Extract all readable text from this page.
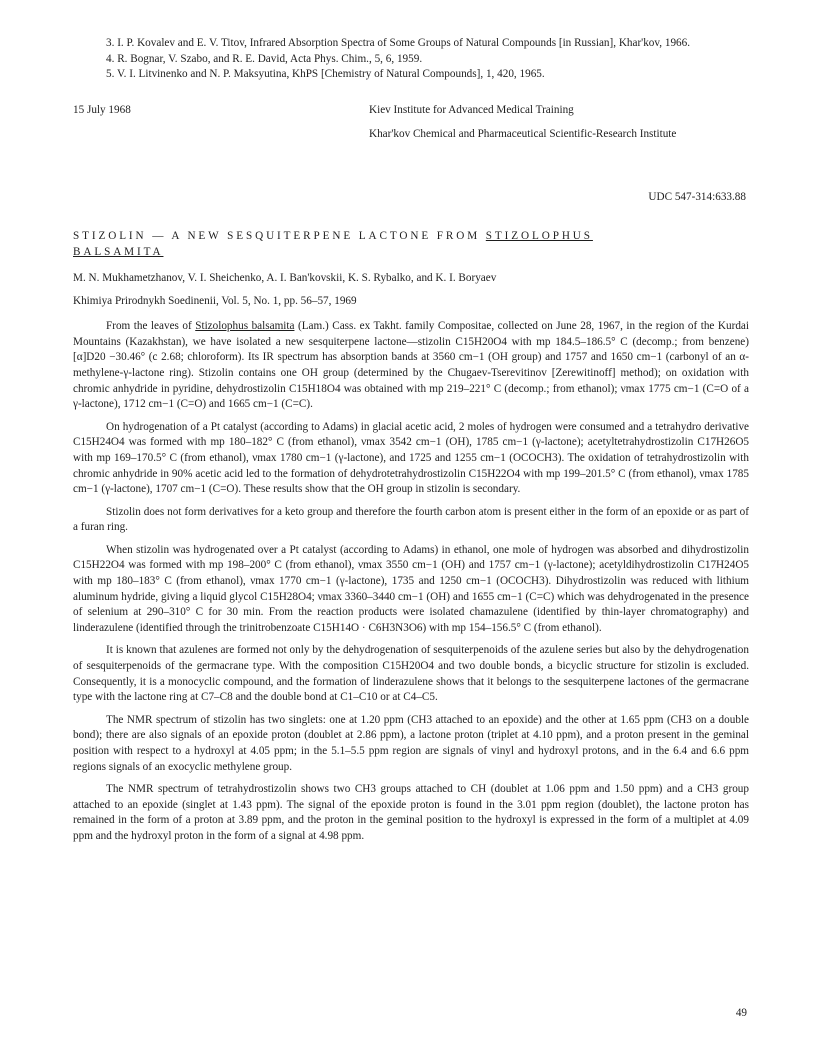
3. I. P. Kovalev and E. V. Titov, Infrared Absorption Spectra of Some Groups of Natural Compounds [in Russian], Khar'kov, 1966.

4. R. Bognar, V. Szabo, and R. E. David, Acta Phys. Chim., 5, 6, 1959.

5. V. I. Litvinenko and N. P. Maksyutina, KhPS [Chemistry of Natural Compounds], 1, 420, 1965.

15 July 1968	Kiev Institute for Advanced Medical Training
Khar'kov Chemical and Pharmaceutical Scientific-Research Institute
UDC 547-314:633.88
STIZOLIN — A NEW SESQUITERPENE LACTONE FROM STIZOLOPHUS
BALSAMITA
M. N. Mukhametzhanov, V. I. Sheichenko, A. I. Ban'kovskii, K. S. Rybalko, and K. I. Boryaev
Khimiya Prirodnykh Soedinenii, Vol. 5, No. 1, pp. 56–57, 1969

From the leaves of Stizolophus balsamita (Lam.) Cass. ex Takht. family Compositae, collected on June 28, 1967, in the region of the Kurdai Mountains (Kazakhstan), we have isolated a new sesquiterpene lactone—stizolin C15H20O4 with mp 184.5–186.5° C (decomp.; from benzene) [α]D20 −30.46° (c 2.68; chloroform). Its IR spectrum has absorption bands at 3560 cm−1 (OH group) and 1757 and 1650 cm−1 (carbonyl of an α-methylene-γ-lactone ring). Stizolin contains one OH group (determined by the Chugaev-Tserevitinov [Zerewitinoff] method); on oxidation with chromic anhydride in pyridine, dehydrostizolin C15H18O4 was obtained with mp 219–221° C (decomp.; from ethanol); νmax 1775 cm−1 (C=O of a γ-lactone), 1712 cm−1 (C=O) and 1665 cm−1 (C=C).

On hydrogenation of a Pt catalyst (according to Adams) in glacial acetic acid, 2 moles of hydrogen were consumed and a tetrahydro derivative C15H24O4 was formed with mp 180–182° C (from ethanol), νmax 3542 cm−1 (OH), 1785 cm−1 (γ-lactone); acetyltetrahydrostizolin C17H26O5 with mp 169–170.5° C (from ethanol), νmax 1780 cm−1 (γ-lactone), and 1725 and 1255 cm−1 (OCOCH3). The oxidation of tetrahydrostizolin with chromic anhydride in 90% acetic acid led to the formation of dehydrotetrahydrostizolin C15H22O4 with mp 199–201.5° C (from ethanol), νmax 1785 cm−1 (γ-lactone), 1707 cm−1 (C=O). These results show that the OH group in stizolin is secondary.

Stizolin does not form derivatives for a keto group and therefore the fourth carbon atom is present either in the form of an epoxide or as part of a furan ring.

When stizolin was hydrogenated over a Pt catalyst (according to Adams) in ethanol, one mole of hydrogen was absorbed and dihydrostizolin C15H22O4 was formed with mp 198–200° C (from ethanol), νmax 3550 cm−1 (OH) and 1757 cm−1 (γ-lactone); acetyldihydrostizolin C17H24O5 with mp 180–183° C (from ethanol), νmax 1770 cm−1 (γ-lactone), 1735 and 1250 cm−1 (OCOCH3). Dihydrostizolin was reduced with lithium aluminum hydride, giving a liquid glycol C15H28O4; νmax 3360–3440 cm−1 (OH) and 1655 cm−1 (C=C) which was dehydrogenated in the presence of selenium at 290–310° C for 30 min. From the reaction products were isolated chamazulene (identified by thin-layer chromatography) and linderazulene (identified through the trinitrobenzoate C15H14O · C6H3N3O6) with mp 154–156.5° C (from ethanol).

It is known that azulenes are formed not only by the dehydrogenation of sesquiterpenoids of the azulene series but also by the dehydrogenation of sesquiterpenoids of the germacrane type. With the composition C15H20O4 and two double bonds, a bicyclic structure for stizolin is excluded. Consequently, it is a monocyclic compound, and the formation of linderazulene shows that it belongs to the sesquiterpene lactones of the germacrane type with the lactone ring at C7–C8 and the double bond at C1–C10 or at C4–C5.

The NMR spectrum of stizolin has two singlets: one at 1.20 ppm (CH3 attached to an epoxide) and the other at 1.65 ppm (CH3 on a double bond); there are also signals of an epoxide proton (doublet at 2.86 ppm), a lactone proton (triplet at 4.10 ppm), and a proton present in the geminal position with respect to a hydroxyl at 4.05 ppm; in the 5.1–5.5 ppm region are signals of vinyl and hydroxyl protons, and in the 6.4 and 6.6 ppm regions signals of an exocyclic methylene group.

The NMR spectrum of tetrahydrostizolin shows two CH3 groups attached to CH (doublet at 1.06 ppm and 1.50 ppm) and a CH3 group attached to an epoxide (singlet at 1.43 ppm). The signal of the epoxide proton is found in the 3.01 ppm region (doublet), the lactone proton has remained in the form of a proton at 3.89 ppm, and the proton in the geminal position to the hydroxyl is expressed in the form of a multiplet at 4.09 ppm and the hydroxyl proton in the form of a signal at 4.98 ppm.

49
